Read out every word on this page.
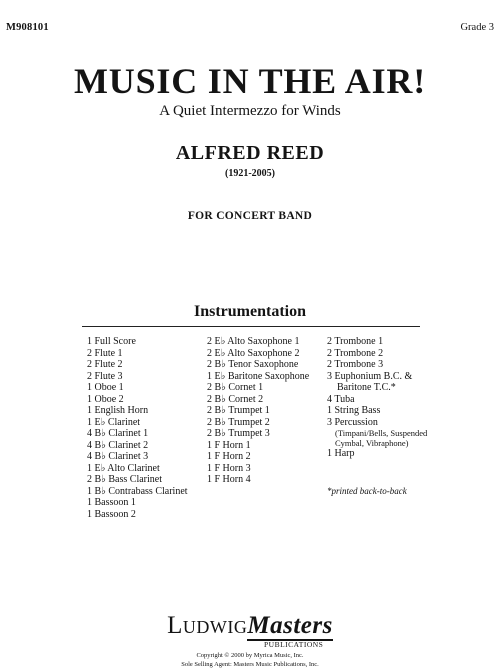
M908101	Grade 3
MUSIC IN THE AIR!
A Quiet Intermezzo for Winds
ALFRED REED
(1921-2005)
FOR CONCERT BAND
Instrumentation
1 Full Score
2 Flute 1
2 Flute 2
2 Flute 3
1 Oboe 1
1 Oboe 2
1 English Horn
1 E♭ Clarinet
4 B♭ Clarinet 1
4 B♭ Clarinet 2
4 B♭ Clarinet 3
1 E♭ Alto Clarinet
2 B♭ Bass Clarinet
1 B♭ Contrabass Clarinet
1 Bassoon 1
1 Bassoon 2
2 E♭ Alto Saxophone 1
2 E♭ Alto Saxophone 2
2 B♭ Tenor Saxophone
1 E♭ Baritone Saxophone
2 B♭ Cornet 1
2 B♭ Cornet 2
2 B♭ Trumpet 1
2 B♭ Trumpet 2
2 B♭ Trumpet 3
1 F Horn 1
1 F Horn 2
1 F Horn 3
1 F Horn 4
2 Trombone 1
2 Trombone 2
2 Trombone 3
3 Euphonium B.C. &
Baritone T.C.*
4 Tuba
1 String Bass
3 Percussion
(Timpani/Bells, Suspended
Cymbal, Vibraphone)
1 Harp
*printed back-to-back
LudwigMasters
PUBLICATIONS
Copyright © 2000 by Myrica Music, Inc.
Sole Selling Agent: Masters Music Publications, Inc.
